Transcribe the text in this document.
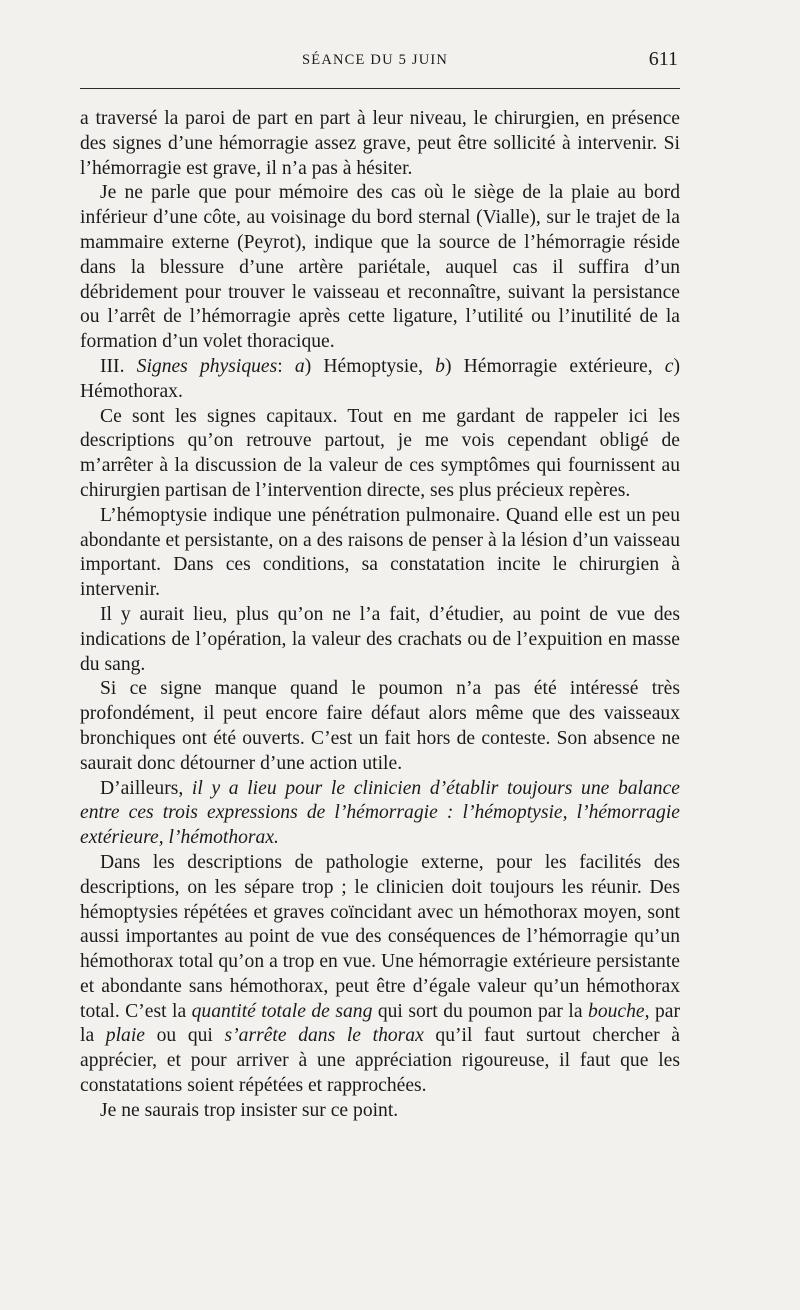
SÉANCE DU 5 JUIN	611

a traversé la paroi de part en part à leur niveau, le chirurgien, en présence des signes d’une hémorragie assez grave, peut être sollicité à intervenir. Si l’hémorragie est grave, il n’a pas à hésiter.

Je ne parle que pour mémoire des cas où le siège de la plaie au bord inférieur d’une côte, au voisinage du bord sternal (Vialle), sur le trajet de la mammaire externe (Peyrot), indique que la source de l’hémorragie réside dans la blessure d’une artère pariétale, auquel cas il suffira d’un débridement pour trouver le vaisseau et reconnaître, suivant la persistance ou l’arrêt de l’hémorragie après cette ligature, l’utilité ou l’inutilité de la formation d’un volet thoracique.

III. Signes physiques: a) Hémoptysie, b) Hémorragie extérieure, c) Hémothorax.

Ce sont les signes capitaux. Tout en me gardant de rappeler ici les descriptions qu’on retrouve partout, je me vois cependant obligé de m’arrêter à la discussion de la valeur de ces symptômes qui fournissent au chirurgien partisan de l’intervention directe, ses plus précieux repères.

L’hémoptysie indique une pénétration pulmonaire. Quand elle est un peu abondante et persistante, on a des raisons de penser à la lésion d’un vaisseau important. Dans ces conditions, sa constatation incite le chirurgien à intervenir.

Il y aurait lieu, plus qu’on ne l’a fait, d’étudier, au point de vue des indications de l’opération, la valeur des crachats ou de l’expuition en masse du sang.

Si ce signe manque quand le poumon n’a pas été intéressé très profondément, il peut encore faire défaut alors même que des vaisseaux bronchiques ont été ouverts. C’est un fait hors de conteste. Son absence ne saurait donc détourner d’une action utile.

D’ailleurs, il y a lieu pour le clinicien d’établir toujours une balance entre ces trois expressions de l’hémorragie : l’hémoptysie, l’hémorragie extérieure, l’hémothorax.

Dans les descriptions de pathologie externe, pour les facilités des descriptions, on les sépare trop ; le clinicien doit toujours les réunir. Des hémoptysies répétées et graves coïncidant avec un hémothorax moyen, sont aussi importantes au point de vue des conséquences de l’hémorragie qu’un hémothorax total qu’on a trop en vue. Une hémorragie extérieure persistante et abondante sans hémothorax, peut être d’égale valeur qu’un hémothorax total. C’est la quantité totale de sang qui sort du poumon par la bouche, par la plaie ou qui s’arrête dans le thorax qu’il faut surtout chercher à apprécier, et pour arriver à une appréciation rigoureuse, il faut que les constatations soient répétées et rapprochées.

Je ne saurais trop insister sur ce point.
